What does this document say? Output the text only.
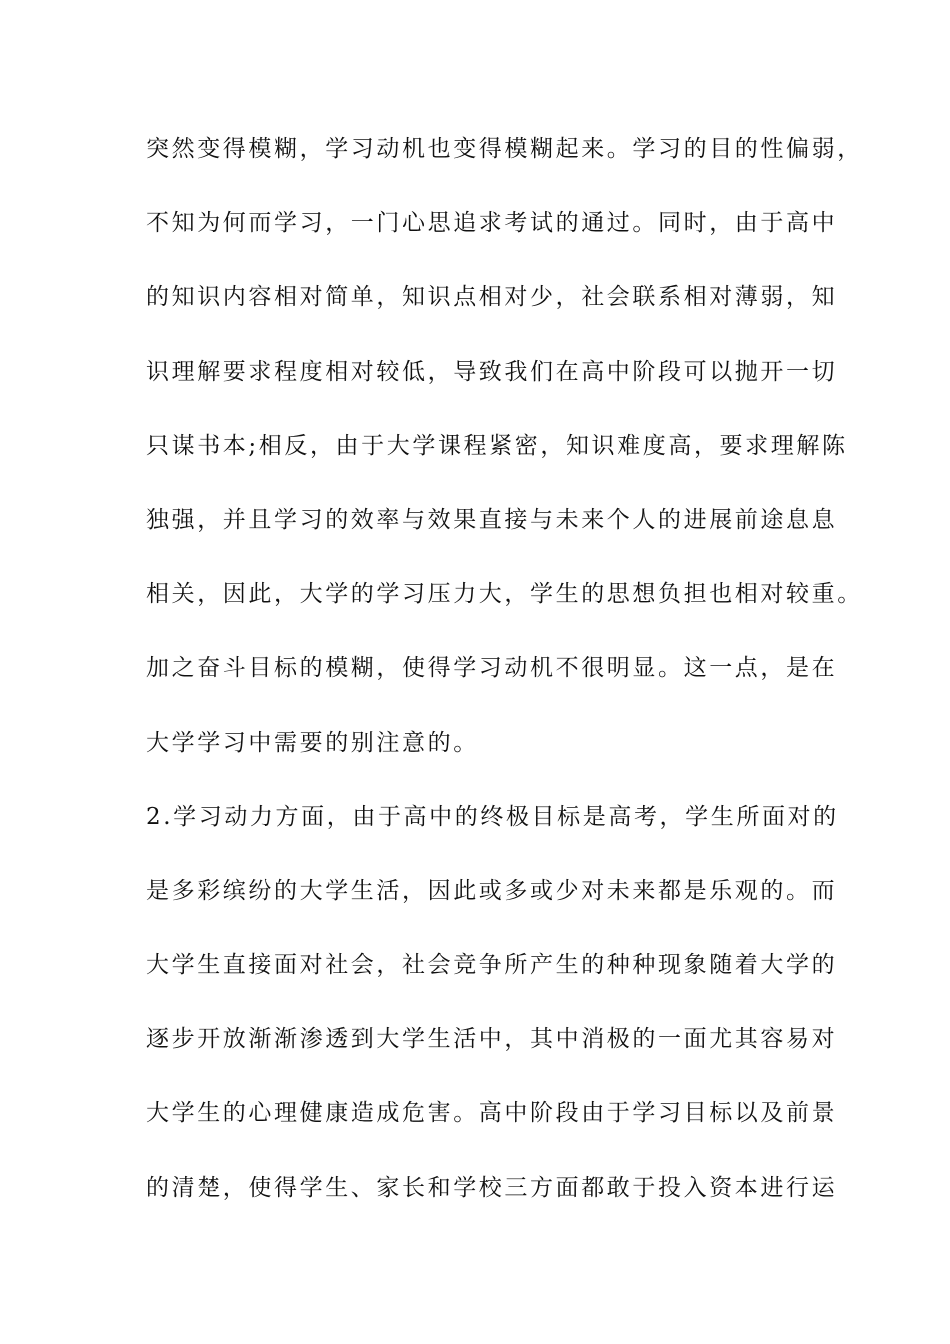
突然变得模糊，学习动机也变得模糊起来。学习的目的性偏弱，
不知为何而学习，一门心思追求考试的通过。同时，由于高中
的知识内容相对简单，知识点相对少，社会联系相对薄弱，知
识理解要求程度相对较低，导致我们在高中阶段可以抛开一切
只谋书本;相反，由于大学课程紧密，知识难度高，要求理解陈
独强，并且学习的效率与效果直接与未来个人的进展前途息息
相关，因此，大学的学习压力大，学生的思想负担也相对较重。
加之奋斗目标的模糊，使得学习动机不很明显。这一点，是在
大学学习中需要的别注意的。
2.学习动力方面，由于高中的终极目标是高考，学生所面对的
是多彩缤纷的大学生活，因此或多或少对未来都是乐观的。而
大学生直接面对社会，社会竞争所产生的种种现象随着大学的
逐步开放渐渐渗透到大学生活中，其中消极的一面尤其容易对
大学生的心理健康造成危害。高中阶段由于学习目标以及前景
的清楚，使得学生、家长和学校三方面都敢于投入资本进行运
